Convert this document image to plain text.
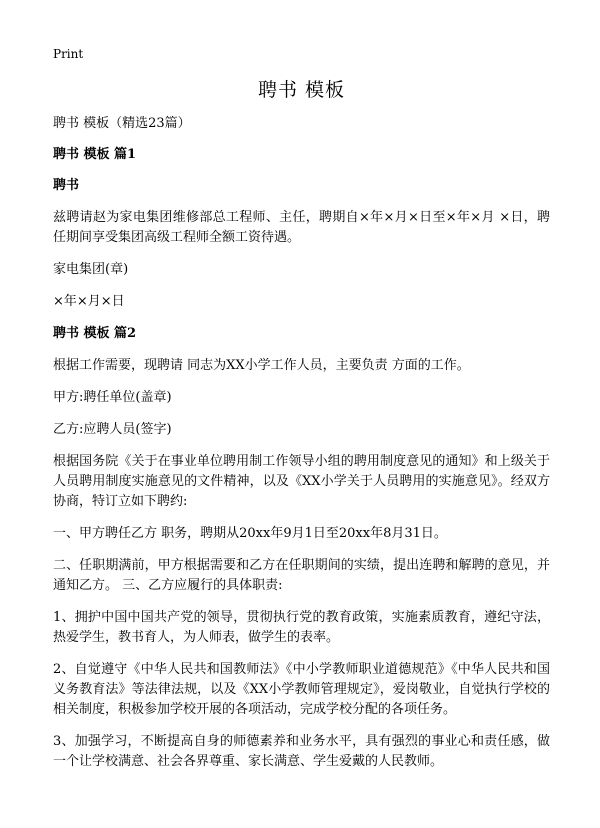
Print

聘书 模板

聘书 模板（精选23篇）

聘书 模板 篇1

聘书

兹聘请赵为家电集团维修部总工程师、主任，聘期自×年×月×日至×年×月 ×日，聘任期间享受集团高级工程师全额工资待遇。

家电集团(章)

×年×月×日

聘书 模板 篇2

根据工作需要，现聘请 同志为XX小学工作人员，主要负责 方面的工作。

甲方:聘任单位(盖章)

乙方:应聘人员(签字)

根据国务院《关于在事业单位聘用制工作领导小组的聘用制度意见的通知》和上级关于人员聘用制度实施意见的文件精神，以及《XX小学关于人员聘用的实施意见》。经双方协商，特订立如下聘约:

一、甲方聘任乙方 职务，聘期从20xx年9月1日至20xx年8月31日。

二、任职期满前，甲方根据需要和乙方在任职期间的实绩，提出连聘和解聘的意见，并通知乙方。 三、乙方应履行的具体职责:

1、拥护中国中国共产党的领导，贯彻执行党的教育政策，实施素质教育，遵纪守法，热爱学生，教书育人，为人师表，做学生的表率。

2、自觉遵守《中华人民共和国教师法》《中小学教师职业道德规范》《中华人民共和国义务教育法》等法律法规，以及《XX小学教师管理规定》，爱岗敬业，自觉执行学校的相关制度，积极参加学校开展的各项活动，完成学校分配的各项任务。

3、加强学习，不断提高自身的师德素养和业务水平，具有强烈的事业心和责任感，做一个让学校满意、社会各界尊重、家长满意、学生爱戴的人民教师。
